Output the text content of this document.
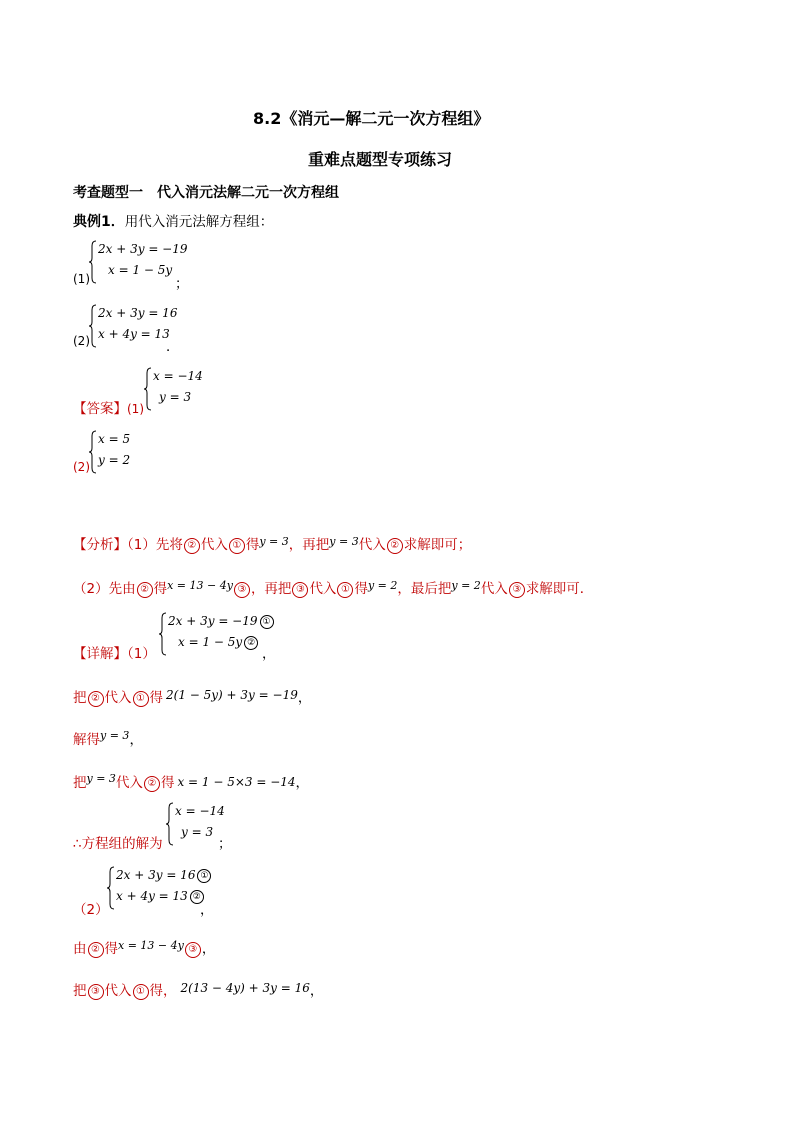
8.2《消元—解二元一次方程组》
重难点题型专项练习
考查题型一　代入消元法解二元一次方程组
典例1．用代入消元法解方程组：
(1)
2x + 3y = −19
x = 1 − 5y
；
(2)
2x + 3y = 16
x + 4y = 13
．
【答案】(1)
x = −14
y = 3
(2)
x = 5
y = 2
【分析】（1）先将 ② 代入 ① 得$^{y = 3}$，再把$^{y = 3}$代入 ② 求解即可；
（2）先由 ② 得$^{x = 13 - 4y}$ ③ ，再把 ③ 代入 ① 得$^{y = 2}$，最后把$^{y = 2}$代入 ③ 求解即可．
【详解】（1）
2x + 3y = −19 ①
x = 1 − 5y ②
，
把 ② 代入 ① 得 2(1 − 5y) + 3y = −19，
解得$^{y = 3}$，
把$^{y = 3}$代入 ② 得 x = 1 − 5×3 = −14，
∴方程组的解为
x = −14
y = 3
；
（2）
2x + 3y = 16 ①
x + 4y = 13 ②
，
由 ② 得$^{x = 13 - 4y}$ ③ ，
把 ③ 代入 ① 得， 2(13 − 4y) + 3y = 16，
